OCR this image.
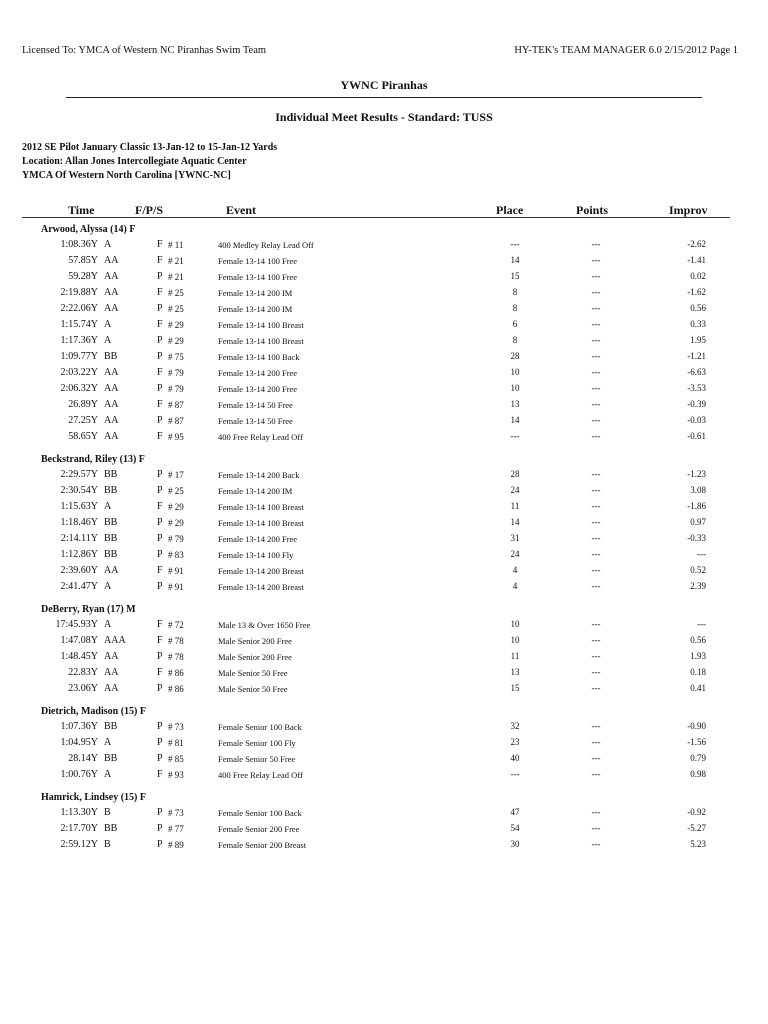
Licensed To: YMCA of Western NC Piranhas Swim Team	HY-TEK's TEAM MANAGER 6.0 2/15/2012 Page 1
YWNC Piranhas
Individual Meet Results - Standard: TUSS
2012 SE Pilot January Classic 13-Jan-12 to 15-Jan-12 Yards
Location: Allan Jones Intercollegiate Aquatic Center
YMCA Of Western North Carolina [YWNC-NC]
Time	F/P/S	Event	Place	Points	Improv
Arwood, Alyssa (14) F
1:08.36Y A	F # 11	400 Medley Relay Lead Off	---	---	-2.62
57.85Y AA	F # 21	Female 13-14 100 Free	14	---	-1.41
59.28Y AA	P # 21	Female 13-14 100 Free	15	---	0.02
2:19.88Y AA	F # 25	Female 13-14 200 IM	8	---	-1.62
2:22.06Y AA	P # 25	Female 13-14 200 IM	8	---	0.56
1:15.74Y A	F # 29	Female 13-14 100 Breast	6	---	0.33
1:17.36Y A	P # 29	Female 13-14 100 Breast	8	---	1.95
1:09.77Y BB	P # 75	Female 13-14 100 Back	28	---	-1.21
2:03.22Y AA	F # 79	Female 13-14 200 Free	10	---	-6.63
2:06.32Y AA	P # 79	Female 13-14 200 Free	10	---	-3.53
26.89Y AA	F # 87	Female 13-14 50 Free	13	---	-0.39
27.25Y AA	P # 87	Female 13-14 50 Free	14	---	-0.03
58.65Y AA	F # 95	400 Free Relay Lead Off	---	---	-0.61
Beckstrand, Riley (13) F
2:29.57Y BB	P # 17	Female 13-14 200 Back	28	---	-1.23
2:30.54Y BB	P # 25	Female 13-14 200 IM	24	---	3.08
1:15.63Y A	F # 29	Female 13-14 100 Breast	11	---	-1.86
1:18.46Y BB	P # 29	Female 13-14 100 Breast	14	---	0.97
2:14.11Y BB	P # 79	Female 13-14 200 Free	31	---	-0.33
1:12.86Y BB	P # 83	Female 13-14 100 Fly	24	---	---
2:39.60Y AA	F # 91	Female 13-14 200 Breast	4	---	0.52
2:41.47Y A	P # 91	Female 13-14 200 Breast	4	---	2.39
DeBerry, Ryan (17) M
17:45.93Y A	F # 72	Male 13 & Over 1650 Free	10	---	---
1:47.08Y AAA	F # 78	Male Senior 200 Free	10	---	0.56
1:48.45Y AA	P # 78	Male Senior 200 Free	11	---	1.93
22.83Y AA	F # 86	Male Senior 50 Free	13	---	0.18
23.06Y AA	P # 86	Male Senior 50 Free	15	---	0.41
Dietrich, Madison (15) F
1:07.36Y BB	P # 73	Female Senior 100 Back	32	---	-0.90
1:04.95Y A	P # 81	Female Senior 100 Fly	23	---	-1.56
28.14Y BB	P # 85	Female Senior 50 Free	40	---	0.79
1:00.76Y A	F # 93	400 Free Relay Lead Off	---	---	0.98
Hamrick, Lindsey (15) F
1:13.30Y B	P # 73	Female Senior 100 Back	47	---	-0.92
2:17.70Y BB	P # 77	Female Senior 200 Free	54	---	-5.27
2:59.12Y B	P # 89	Female Senior 200 Breast	30	---	5.23
